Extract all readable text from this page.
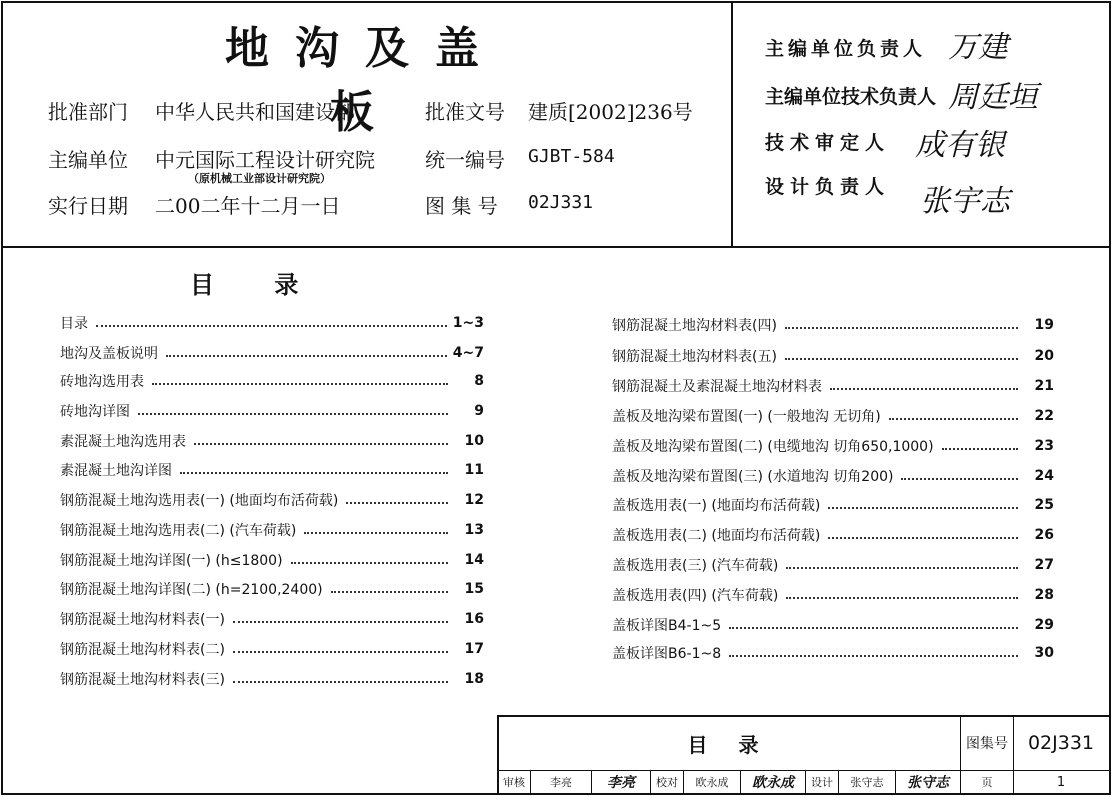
地沟及盖板
批准部门 中华人民共和国建设部	批准文号 建质[2002]236号
主编单位 中元国际工程设计研究院
（原机械工业部设计研究院）
统一编号 GJBT-584
实行日期 二00二年十二月一日	图 集 号 02J331
主编单位负责人 万建
主编单位技术负责人 周廷垣
技术审定人 成有银
设计负责人 张宇志
目 录
目录	1~3
地沟及盖板说明	4~7
砖地沟选用表	8
砖地沟详图	9
素混凝土地沟选用表	10
素混凝土地沟详图	11
钢筋混凝土地沟选用表(一) (地面均布活荷载)	12
钢筋混凝土地沟选用表(二) (汽车荷载)	13
钢筋混凝土地沟详图(一) (h≤1800)	14
钢筋混凝土地沟详图(二) (h=2100,2400)	15
钢筋混凝土地沟材料表(一)	16
钢筋混凝土地沟材料表(二)	17
钢筋混凝土地沟材料表(三)	18
钢筋混凝土地沟材料表(四)	19
钢筋混凝土地沟材料表(五)	20
钢筋混凝土及素混凝土地沟材料表	21
盖板及地沟梁布置图(一) (一般地沟 无切角)	22
盖板及地沟梁布置图(二) (电缆地沟 切角650,1000)	23
盖板及地沟梁布置图(三) (水道地沟 切角200)	24
盖板选用表(一) (地面均布活荷载)	25
盖板选用表(二) (地面均布活荷载)	26
盖板选用表(三) (汽车荷载)	27
盖板选用表(四) (汽车荷载)	28
盖板详图B4-1~5	29
盖板详图B6-1~8	30
目 录	图集号	02J331
审核	李亮	李亮	校对	欧永成	欧永成	设计	张守志	张守志	页	1
